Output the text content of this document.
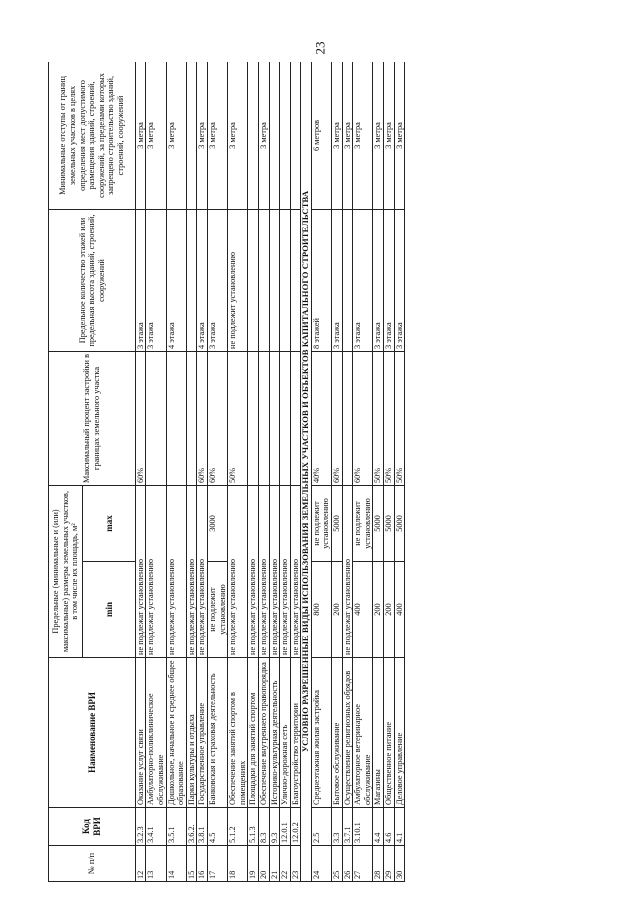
23
№ п/п	Код ВРИ	Наименование ВРИ	Предельные (минимальные и (или) максимальные) размеры земельных участков, в том числе их площадь, м²		Максимальный процент застройки в границах земельного участка	Предельное количество этажей или предельная высота зданий, строений, сооружений	Минимальные отступы от границ земельных участков в целях определения мест допустимого размещения зданий, строений, сооружений, за пределами которых запрещено строительство зданий, строений, сооружений
			min	max			
12	3.2.3	Оказание услуг связи	не подлежат установлению		60%	3 этажа	3 метра
13	3.4.1	Амбулаторно-поликлиническое обслуживание	не подлежат установлению			3 этажа	3 метра
14	3.5.1	Дошкольное, начальное и среднее общее образование	не подлежат установлению			4 этажа	3 метра
15	3.6.2.	Парки культуры и отдыха	не подлежат установлению				
16	3.8.1	Государственное управление	не подлежат установлению		60%	4 этажа	3 метра
17	4.5	Банковская и страховая деятельность	не подлежит установлению	3000	60%	3 этажа	3 метра
18	5.1.2	Обеспечение занятий спортом в помещениях	не подлежат установлению		50%	не подлежит установлению	3 метра
19	5.1.3	Площадки для занятий спортом	не подлежат установлению				
20	8.3	Обеспечение внутреннего правопорядка	не подлежат установлению				3 метра
21	9.3	Историко-культурная деятельность	не подлежат установлению				
22	12.0.1	Улично-дорожная сеть	не подлежат установлению				
23	12.0.2	Благоустройство территории	не подлежат установлению				
УСЛОВНО РАЗРЕШЕННЫЕ ВИДЫ ИСПОЛЬЗОВАНИЯ ЗЕМЕЛЬНЫХ УЧАСТКОВ И ОБЪЕКТОВ КАПИТАЛЬНОГО СТРОИТЕЛЬСТВА							
24	2.5	Среднеэтажная жилая застройка	800	не подлежит установлению	40%	8 этажей	6 метров
25	3.3	Бытовое обслуживание	200	5000	60%	3 этажа	3 метра
26	3.7.1	Осуществление религиозных обрядов	не подлежат установлению				3 метра
27	3.10.1	Амбулаторное ветеринарное обслуживание	400	не подлежит установлению	60%	3 этажа	3 метра
28	4.4	Магазины	200	5000	50%	3 этажа	3 метра
29	4.6	Общественное питание	200	5000	50%	3 этажа	3 метра
30	4.1	Деловое управление	400	5000	50%	3 этажа	3 метра
